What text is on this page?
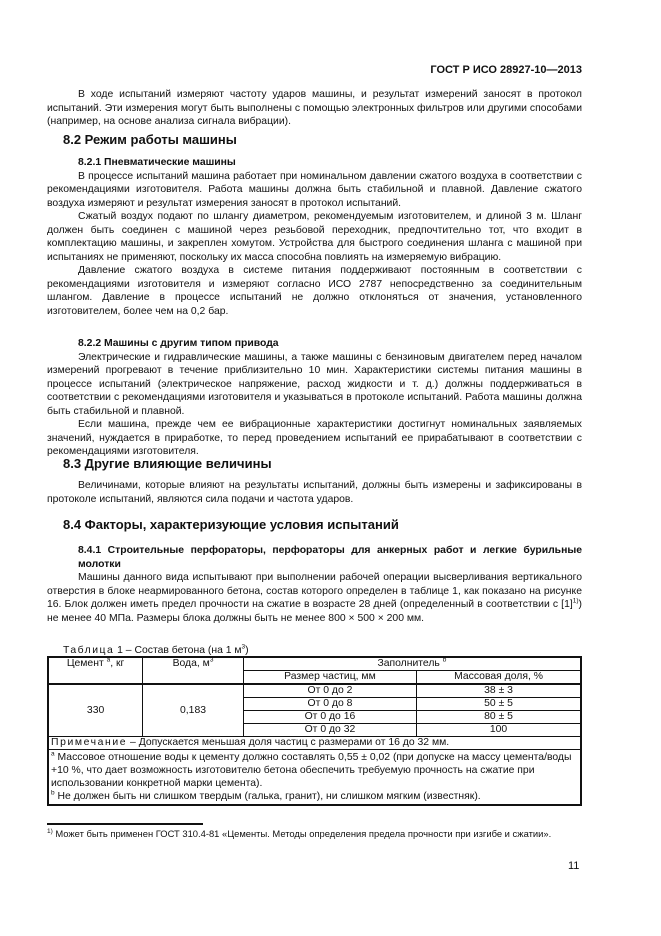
ГОСТ Р ИСО 28927-10—2013

В ходе испытаний измеряют частоту ударов машины, и результат измерений заносят в протокол испытаний. Эти измерения могут быть выполнены с помощью электронных фильтров или другими способами (например, на основе анализа сигнала вибрации).

8.2 Режим работы машины
8.2.1 Пневматические машины

В процессе испытаний машина работает при номинальном давлении сжатого воздуха в соответствии с рекомендациями изготовителя. Работа машины должна быть стабильной и плавной. Давление сжатого воздуха измеряют и результат измерения заносят в протокол испытаний.

Сжатый воздух подают по шлангу диаметром, рекомендуемым изготовителем, и длиной 3 м. Шланг должен быть соединен с машиной через резьбовой переходник, предпочтительно тот, что входит в комплектацию машины, и закреплен хомутом. Устройства для быстрого соединения шланга с машиной при испытаниях не применяют, поскольку их масса способна повлиять на измеряемую вибрацию.

Давление сжатого воздуха в системе питания поддерживают постоянным в соответствии с рекомендациями изготовителя и измеряют согласно ИСО 2787 непосредственно за соединительным шлангом. Давление в процессе испытаний не должно отклоняться от значения, установленного изготовителем, более чем на 0,2 бар.

8.2.2 Машины с другим типом привода

Электрические и гидравлические машины, а также машины с бензиновым двигателем перед началом измерений прогревают в течение приблизительно 10 мин. Характеристики системы питания машины в процессе испытаний (электрическое напряжение, расход жидкости и т. д.) должны поддерживаться в соответствии с рекомендациями изготовителя и указываться в протоколе испытаний. Работа машины должна быть стабильной и плавной.

Если машина, прежде чем ее вибрационные характеристики достигнут номинальных заявляемых значений, нуждается в приработке, то перед проведением испытаний ее прирабатывают в соответствии с рекомендациями изготовителя.

8.3 Другие влияющие величины

Величинами, которые влияют на результаты испытаний, должны быть измерены и зафиксированы в протоколе испытаний, являются сила подачи и частота ударов.

8.4 Факторы, характеризующие условия испытаний

8.4.1 Строительные перфораторы, перфораторы для анкерных работ и легкие бурильные молотки

Машины данного вида испытывают при выполнении рабочей операции высверливания вертикального отверстия в блоке неармированного бетона, состав которого определен в таблице 1, как показано на рисунке 16. Блок должен иметь предел прочности на сжатие в возрасте 28 дней (определенный в соответствии с $[1]^{1)}$) не менее 40 МПа. Размеры блока должны быть не менее 800 × 500 × 200 мм.

Таблица 1 – Состав бетона (на 1 $м^3$)
Цемент $^a$, кг	Вода, $м^3$	Заполнитель $^b$
		Размер частиц, мм	Массовая доля, %
330	0,183	От 0 до 2	38 ± 3
		От 0 до 8	50 ± 5
		От 0 до 16	80 ± 5
		От 0 до 32	100
Примечание – Допускается меньшая доля частиц с размерами от 16 до 32 мм.			

$^a$ Массовое отношение воды к цементу должно составлять 0,55 ± 0,02 (при допуске на массу цемента/воды +10 %, что дает возможность изготовителю бетона обеспечить требуемую прочность на сжатие при использовании конкретной марки цемента).
$^b$ Не должен быть ни слишком твердым (галька, гранит), ни слишком мягким (известняк).			
$^{1)}$ Может быть применен ГОСТ 310.4-81 «Цементы. Методы определения предела прочности при изгибе и сжатии».
11
